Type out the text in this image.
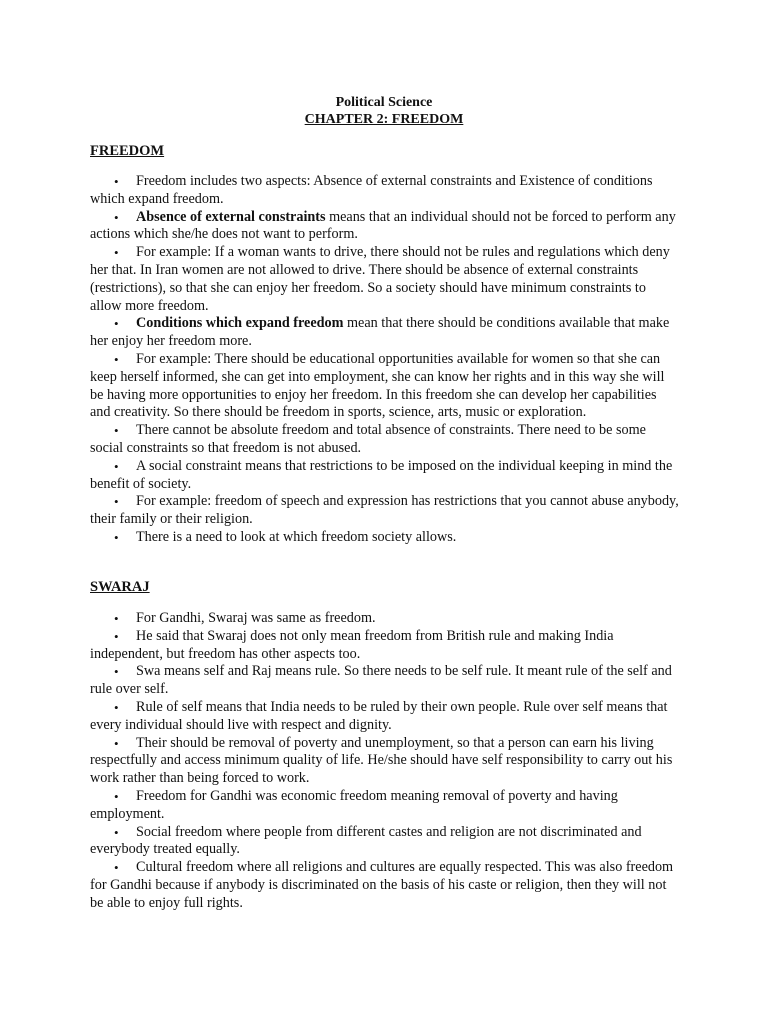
Political Science
CHAPTER 2: FREEDOM
FREEDOM
• Freedom includes two aspects: Absence of external constraints and Existence of conditions which expand freedom.
• Absence of external constraints means that an individual should not be forced to perform any actions which she/he does not want to perform.
• For example: If a woman wants to drive, there should not be rules and regulations which deny her that. In Iran women are not allowed to drive. There should be absence of external constraints (restrictions), so that she can enjoy her freedom. So a society should have minimum constraints to allow more freedom.
• Conditions which expand freedom mean that there should be conditions available that make her enjoy her freedom more.
• For example: There should be educational opportunities available for women so that she can keep herself informed, she can get into employment, she can know her rights and in this way she will be having more opportunities to enjoy her freedom. In this freedom she can develop her capabilities and creativity. So there should be freedom in sports, science, arts, music or exploration.
• There cannot be absolute freedom and total absence of constraints. There need to be some social constraints so that freedom is not abused.
• A social constraint means that restrictions to be imposed on the individual keeping in mind the benefit of society.
• For example: freedom of speech and expression has restrictions that you cannot abuse anybody, their family or their religion.
• There is a need to look at which freedom society allows.
SWARAJ
• For Gandhi, Swaraj was same as freedom.
• He said that Swaraj does not only mean freedom from British rule and making India independent, but freedom has other aspects too.
• Swa means self and Raj means rule. So there needs to be self rule. It meant rule of the self and rule over self.
• Rule of self means that India needs to be ruled by their own people. Rule over self means that every individual should live with respect and dignity.
• Their should be removal of poverty and unemployment, so that a person can earn his living respectfully and access minimum quality of life. He/she should have self responsibility to carry out his work rather than being forced to work.
• Freedom for Gandhi was economic freedom meaning removal of poverty and having employment.
• Social freedom where people from different castes and religion are not discriminated and everybody treated equally.
• Cultural freedom where all religions and cultures are equally respected. This was also freedom for Gandhi because if anybody is discriminated on the basis of his caste or religion, then they will not be able to enjoy full rights.
